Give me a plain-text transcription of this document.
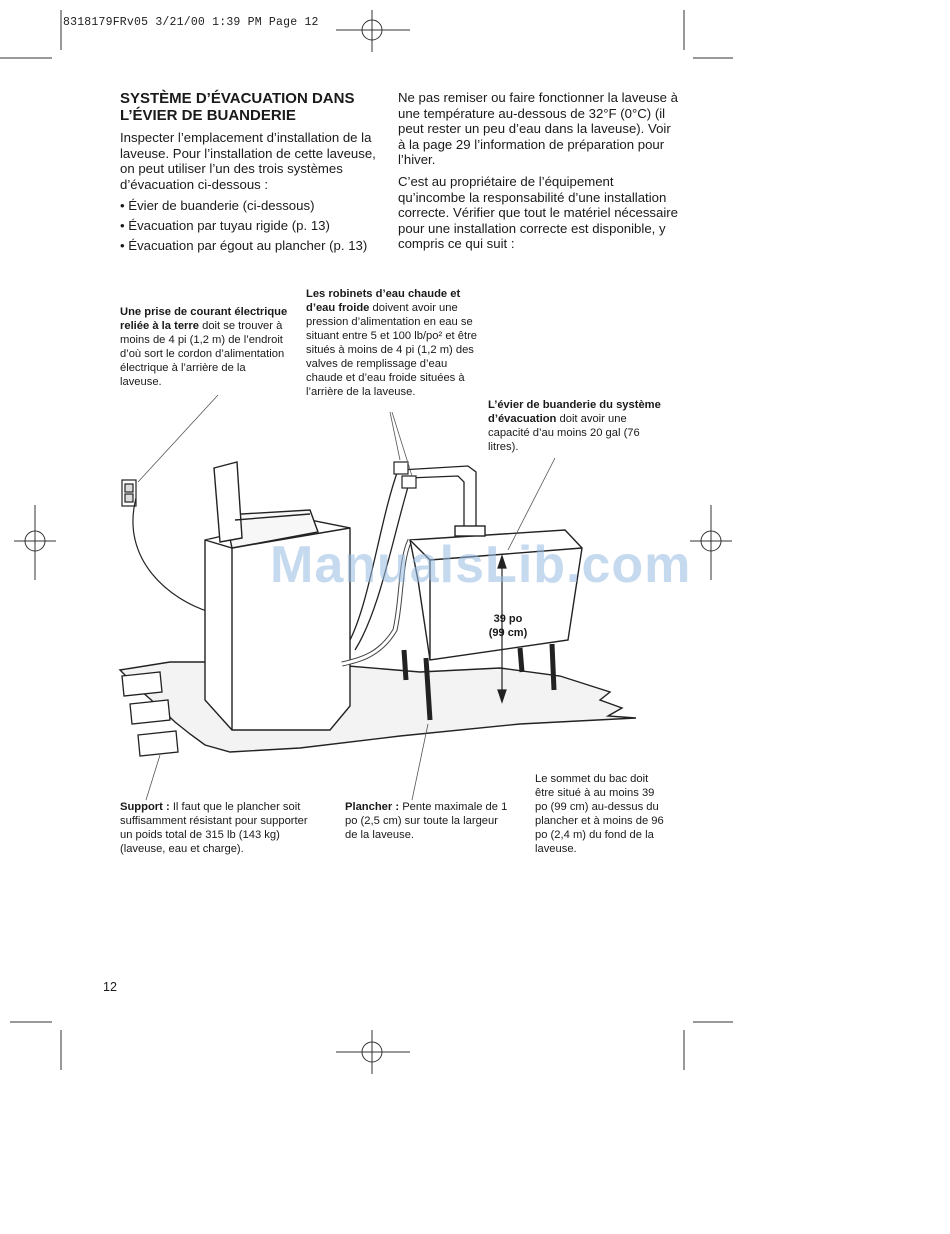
8318179FRv05 3/21/00 1:39 PM Page 12
SYSTÈME D’ÉVACUATION DANS L’ÉVIER DE BUANDERIE

Inspecter l’emplacement d’installation de la laveuse. Pour l’installation de cette laveuse, on peut utiliser l’un des trois systèmes d’évacuation ci-dessous :

• Évier de buanderie (ci-dessous)
• Évacuation par tuyau rigide (p. 13)
• Évacuation par égout au plancher (p. 13)

Ne pas remiser ou faire fonctionner la laveuse à une température au-dessous de 32°F (0°C) (il peut rester un peu d’eau dans la laveuse). Voir à la page 29 l’information de préparation pour l’hiver.

C’est au propriétaire de l’équipement qu’incombe la responsabilité d’une installation correcte. Vérifier que tout le matériel nécessaire pour une installation correcte est disponible, y compris ce qui suit :

ManualsLib.com
Une prise de courant électrique reliée à la terre doit se trouver à moins de 4 pi (1,2 m) de l’endroit d’où sort le cordon d’alimentation électrique à l’arrière de la laveuse.
Les robinets d’eau chaude et d’eau froide doivent avoir une pression d’alimentation en eau se situant entre 5 et 100 lb/po² et être situés à moins de 4 pi (1,2 m) des valves de remplissage d’eau chaude et d’eau froide situées à l’arrière de la laveuse.
L’évier de buanderie du système d’évacuation doit avoir une capacité d’au moins 20 gal (76 litres).
39 po
(99 cm)
Support : Il faut que le plancher soit suffisamment résistant pour supporter un poids total de 315 lb (143 kg) (laveuse, eau et charge).
Plancher : Pente maximale de 1 po (2,5 cm) sur toute la largeur de la laveuse.
Le sommet du bac doit être situé à au moins 39 po (99 cm) au-dessus du plancher et à moins de 96 po (2,4 m) du fond de la laveuse.
12
